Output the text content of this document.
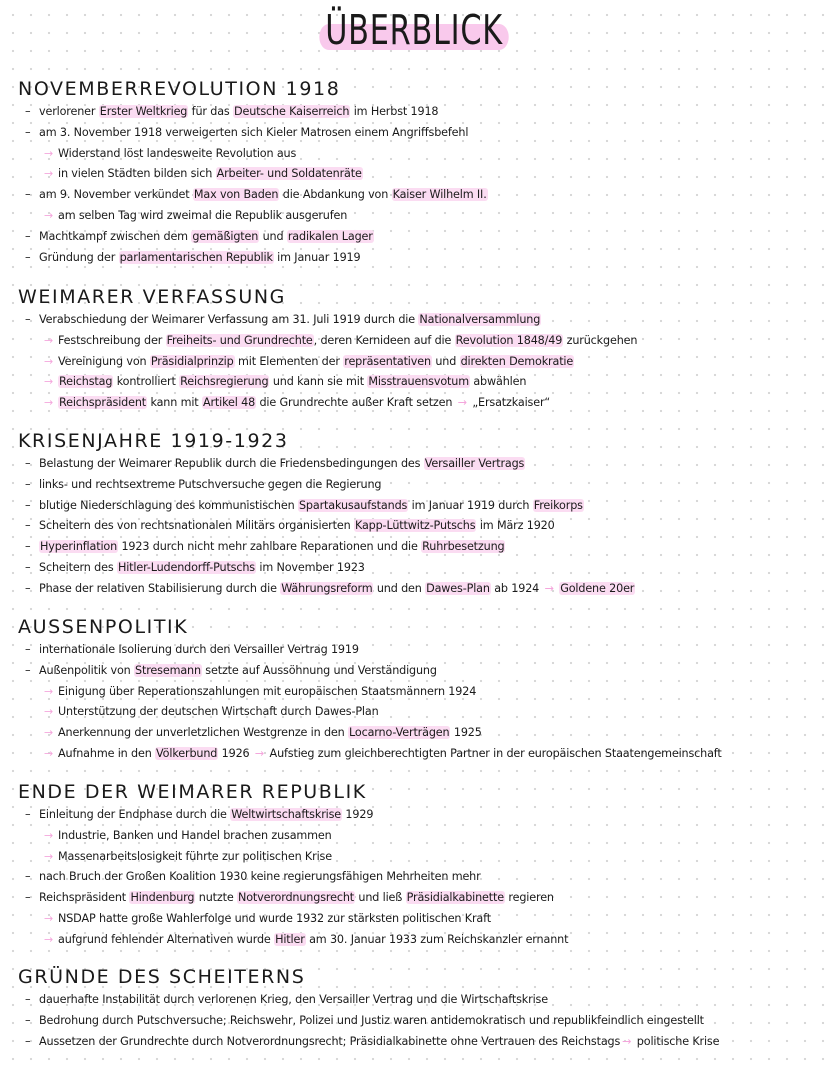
ÜBERBLICK
NOVEMBERREVOLUTION 1918
– verlorener Erster Weltkrieg für das Deutsche Kaiserreich im Herbst 1918
– am 3. November 1918 verweigerten sich Kieler Matrosen einem Angriffsbefehl
→ Widerstand löst landesweite Revolution aus
→ in vielen Städten bilden sich Arbeiter- und Soldatenräte
– am 9. November verkündet Max von Baden die Abdankung von Kaiser Wilhelm II.
→ am selben Tag wird zweimal die Republik ausgerufen
– Machtkampf zwischen dem gemäßigten und radikalen Lager
– Gründung der parlamentarischen Republik im Januar 1919
WEIMARER VERFASSUNG
– Verabschiedung der Weimarer Verfassung am 31. Juli 1919 durch die Nationalversammlung
→ Festschreibung der Freiheits- und Grundrechte, deren Kernideen auf die Revolution 1848/49 zurückgehen
→ Vereinigung von Präsidialprinzip mit Elementen der repräsentativen und direkten Demokratie
→ Reichstag kontrolliert Reichsregierung und kann sie mit Misstrauensvotum abwählen
→ Reichspräsident kann mit Artikel 48 die Grundrechte außer Kraft setzen → „Ersatzkaiser“
KRISENJAHRE 1919-1923
– Belastung der Weimarer Republik durch die Friedensbedingungen des Versailler Vertrags
– links- und rechtsextreme Putschversuche gegen die Regierung
– blutige Niederschlagung des kommunistischen Spartakusaufstands im Januar 1919 durch Freikorps
– Scheitern des von rechtsnationalen Militärs organisierten Kapp-Lüttwitz-Putschs im März 1920
– Hyperinflation 1923 durch nicht mehr zahlbare Reparationen und die Ruhrbesetzung
– Scheitern des Hitler-Ludendorff-Putschs im November 1923
– Phase der relativen Stabilisierung durch die Währungsreform und den Dawes-Plan ab 1924 → Goldene 20er
AUSSENPOLITIK
– internationale Isolierung durch den Versailler Vertrag 1919
– Außenpolitik von Stresemann setzte auf Aussöhnung und Verständigung
→ Einigung über Reperationszahlungen mit europäischen Staatsmännern 1924
→ Unterstützung der deutschen Wirtschaft durch Dawes-Plan
→ Anerkennung der unverletzlichen Westgrenze in den Locarno-Verträgen 1925
→ Aufnahme in den Völkerbund 1926 → Aufstieg zum gleichberechtigten Partner in der europäischen Staatengemeinschaft
ENDE DER WEIMARER REPUBLIK
– Einleitung der Endphase durch die Weltwirtschaftskrise 1929
→ Industrie, Banken und Handel brachen zusammen
→ Massenarbeitslosigkeit führte zur politischen Krise
– nach Bruch der Großen Koalition 1930 keine regierungsfähigen Mehrheiten mehr
– Reichspräsident Hindenburg nutzte Notverordnungsrecht und ließ Präsidialkabinette regieren
→ NSDAP hatte große Wahlerfolge und wurde 1932 zur stärksten politischen Kraft
→ aufgrund fehlender Alternativen wurde Hitler am 30. Januar 1933 zum Reichskanzler ernannt
GRÜNDE DES SCHEITERNS
– dauerhafte Instabilität durch verlorenen Krieg, den Versailler Vertrag und die Wirtschaftskrise
– Bedrohung durch Putschversuche; Reichswehr, Polizei und Justiz waren antidemokratisch und republikfeindlich eingestellt
– Aussetzen der Grundrechte durch Notverordnungsrecht; Präsidialkabinette ohne Vertrauen des Reichstags → politische Krise
